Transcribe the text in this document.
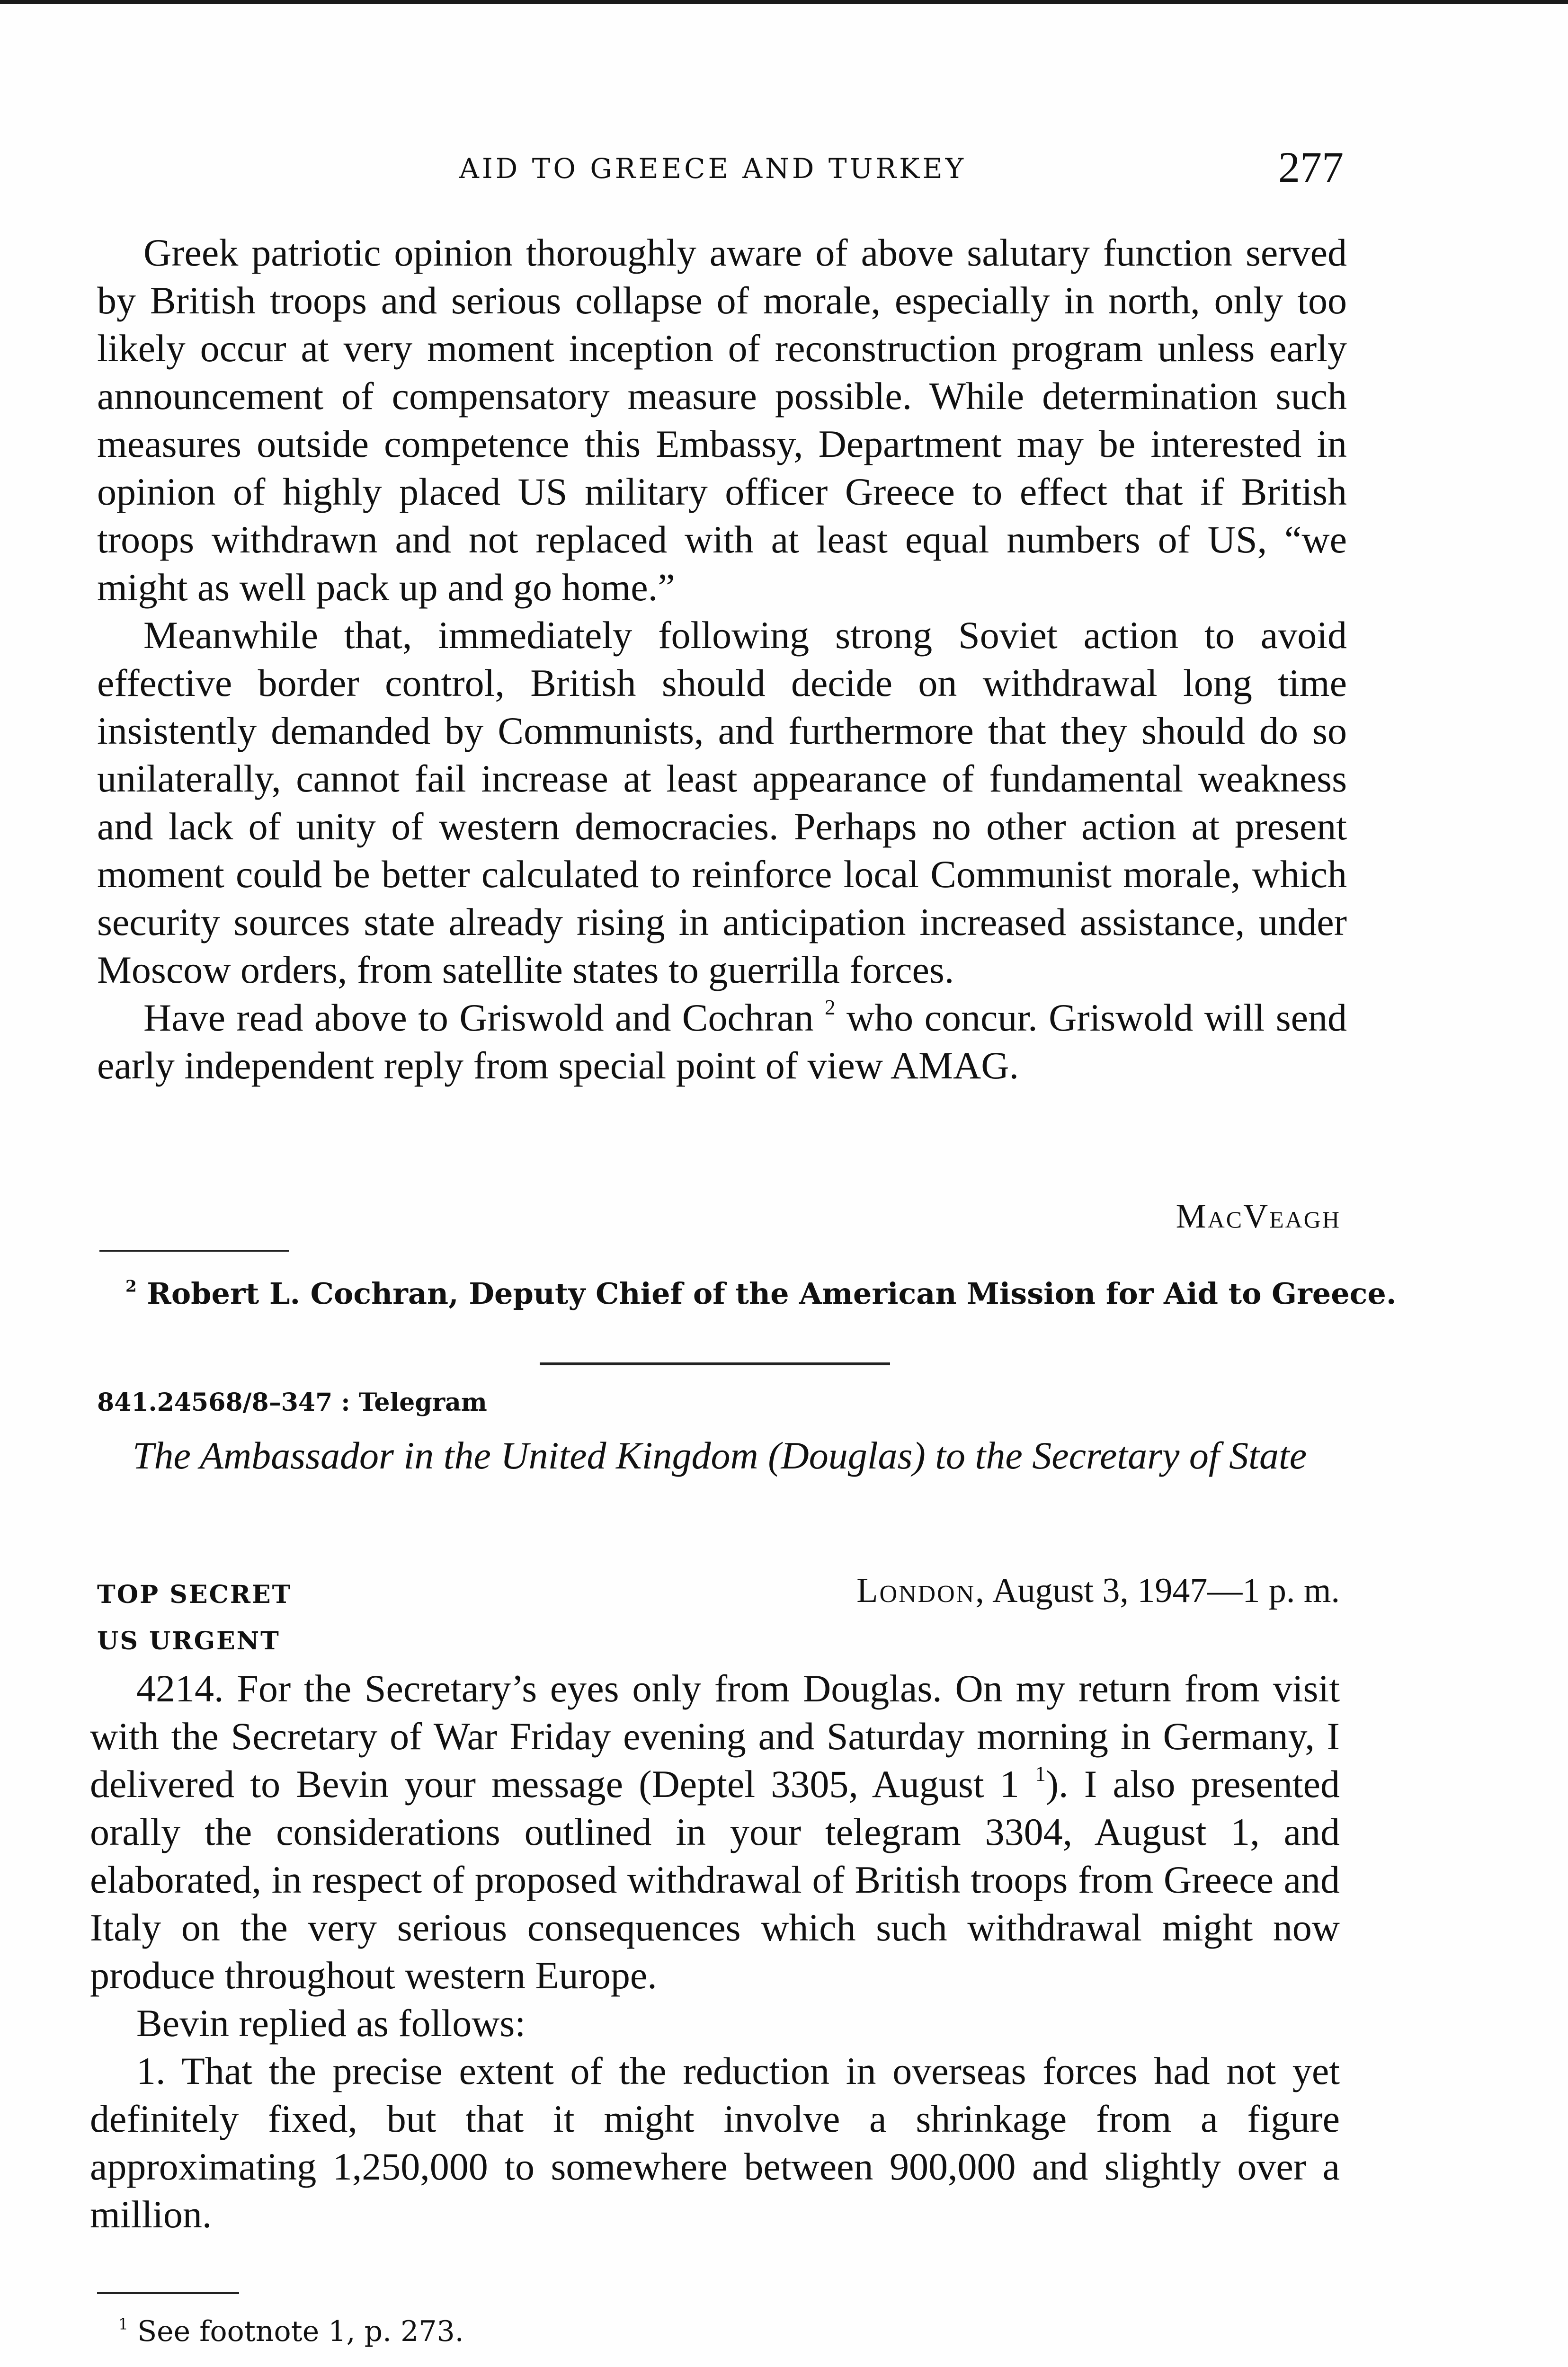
AID TO GREECE AND TURKEY	277

Greek patriotic opinion thoroughly aware of above salutary function served by British troops and serious collapse of morale, especially in north, only too likely occur at very moment inception of reconstruction program unless early announcement of compensatory measure possible. While determination such measures outside competence this Embassy, Department may be interested in opinion of highly placed US military officer Greece to effect that if British troops withdrawn and not replaced with at least equal numbers of US, “we might as well pack up and go home.”

Meanwhile that, immediately following strong Soviet action to avoid effective border control, British should decide on withdrawal long time insistently demanded by Communists, and furthermore that they should do so unilaterally, cannot fail increase at least appearance of fundamental weakness and lack of unity of western democracies. Perhaps no other action at present moment could be better calculated to reinforce local Communist morale, which security sources state already rising in anticipation increased assistance, under Moscow orders, from satellite states to guerrilla forces.

Have read above to Griswold and Cochran $^2$ who concur. Griswold will send early independent reply from special point of view AMAG.

MacVeagh
$^2$ Robert L. Cochran, Deputy Chief of the American Mission for Aid to Greece.
841.24568/8–347 : Telegram
The Ambassador in the United Kingdom (Douglas) to the Secretary of State
TOP SECRET
US URGENT
London, August 3, 1947—1 p. m.

4214. For the Secretary’s eyes only from Douglas. On my return from visit with the Secretary of War Friday evening and Saturday morning in Germany, I delivered to Bevin your message (Deptel 3305, August 1 $^1$). I also presented orally the considerations outlined in your telegram 3304, August 1, and elaborated, in respect of proposed withdrawal of British troops from Greece and Italy on the very serious consequences which such withdrawal might now produce throughout western Europe.

Bevin replied as follows:

1. That the precise extent of the reduction in overseas forces had not yet definitely fixed, but that it might involve a shrinkage from a figure approximating 1,250,000 to somewhere between 900,000 and slightly over a million.

$^1$ See footnote 1, p. 273.
